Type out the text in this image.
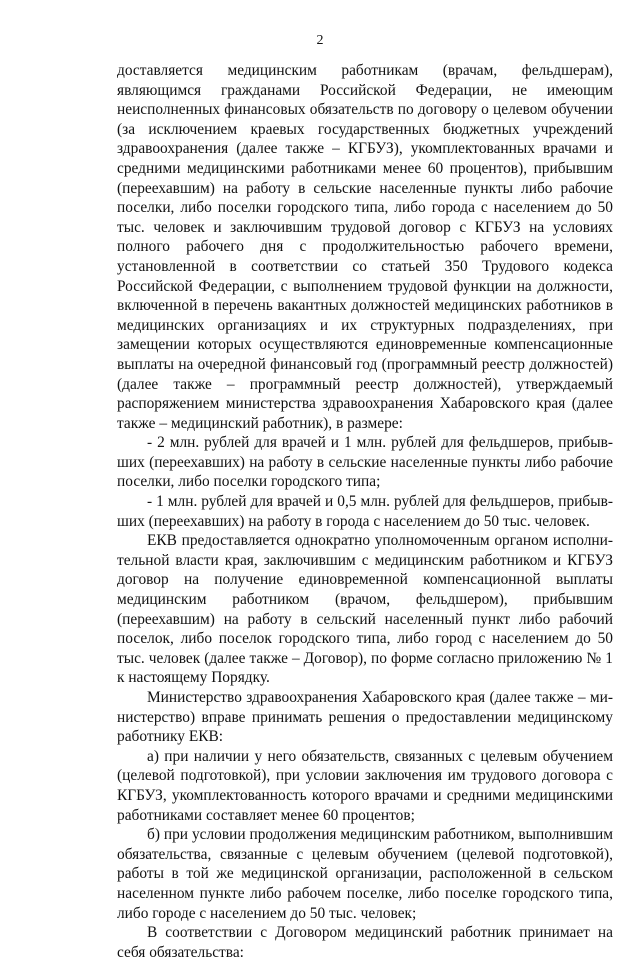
2

доставляется медицинским работникам (врачам, фельдшерам), являющимся гражданами Российской Федерации, не имеющим неисполненных финансовых обязательств по договору о целевом обучении (за исключением краевых государственных бюджетных учреждений здравоохранения (далее также – КГБУЗ), укомплектованных врачами и средними медицинскими работниками менее 60 процентов), прибывшим (переехавшим) на работу в сельские населенные пункты либо рабочие поселки, либо поселки городского типа, либо города с населением до 50 тыс. человек и заключившим трудовой договор с КГБУЗ на условиях полного рабочего дня с продолжительностью рабочего времени, установленной в соответствии со статьей 350 Трудового кодекса Российской Федерации, с выполнением трудовой функции на должности, включенной в перечень вакантных должностей медицинских работников в медицинских организациях и их структурных подразделениях, при замещении которых осуществляются единовременные компенсационные выплаты на очередной финансовый год (программный реестр должностей) (далее также – программный реестр должностей), утверждаемый распоряжением министерства здравоохранения Хабаровского края (далее также – медицинский работник), в размере:

- 2 млн. рублей для врачей и 1 млн. рублей для фельдшеров, прибывших (переехавших) на работу в сельские населенные пункты либо рабочие поселки, либо поселки городского типа;

- 1 млн. рублей для врачей и 0,5 млн. рублей для фельдшеров, прибывших (переехавших) на работу в города с населением до 50 тыс. человек.

ЕКВ предоставляется однократно уполномоченным органом исполнительной власти края, заключившим с медицинским работником и КГБУЗ договор на получение единовременной компенсационной выплаты медицинским работником (врачом, фельдшером), прибывшим (переехавшим) на работу в сельский населенный пункт либо рабочий поселок, либо поселок городского типа, либо город с населением до 50 тыс. человек (далее также – Договор), по форме согласно приложению № 1 к настоящему Порядку.

Министерство здравоохранения Хабаровского края (далее также – министерство) вправе принимать решения о предоставлении медицинскому работнику ЕКВ:

а) при наличии у него обязательств, связанных с целевым обучением (целевой подготовкой), при условии заключения им трудового договора с КГБУЗ, укомплектованность которого врачами и средними медицинскими работниками составляет менее 60 процентов;

б) при условии продолжения медицинским работником, выполнившим обязательства, связанные с целевым обучением (целевой подготовкой), работы в той же медицинской организации, расположенной в сельском населенном пункте либо рабочем поселке, либо поселке городского типа, либо городе с населением до 50 тыс. человек;

В соответствии с Договором медицинский работник принимает на себя обязательства:
